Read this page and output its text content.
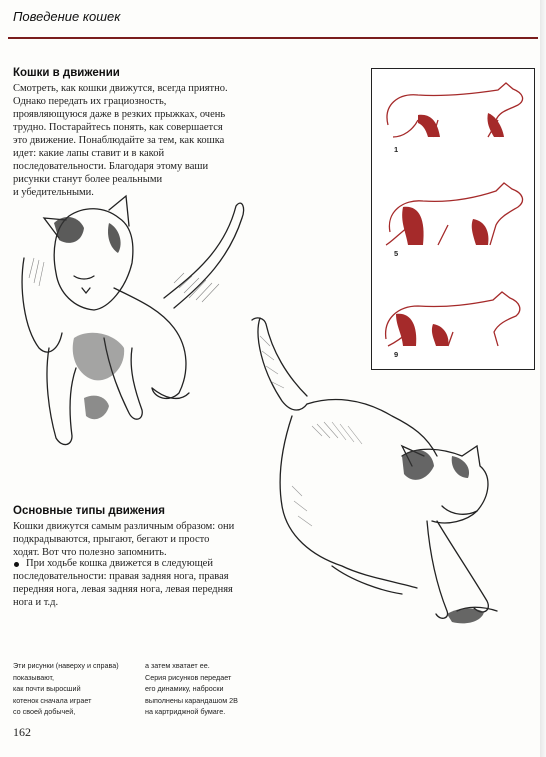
Поведение кошек
Кошки в движении
Смотреть, как кошки движутся, всегда приятно.
Однако передать их грациозность,
проявляющуюся даже в резких прыжках, очень
трудно. Постарайтесь понять, как совершается
это движение. Понаблюдайте за тем, как кошка
идет: какие лапы ставит и в какой
последовательности. Благодаря этому ваши
рисунки станут более реальными
и убедительными.
1
5
9
Основные типы движения
Кошки движутся самым различным образом: они
подкрадываются, прыгают, бегают и просто
ходят. Вот что полезно запомнить.
При ходьбе кошка движется в следующей
последовательности: правая задняя нога, правая
передняя нога, левая задняя нога, левая передняя
нога и т.д.
Эти рисунки (наверху и справа)
показывают,
как почти выросший
котенок сначала играет
со своей добычей,
а затем хватает ее.
Серия рисунков передает
его динамику, наброски
выполнены карандашом 2В
на картриджной бумаге.
162
